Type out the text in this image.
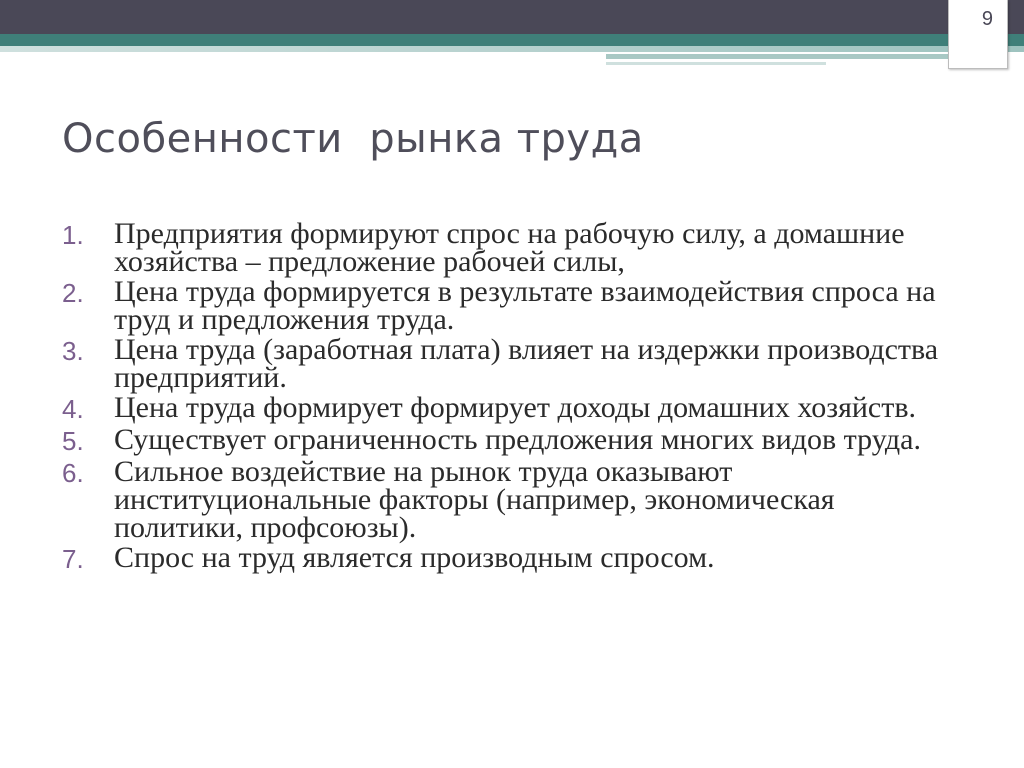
9
Особенности  рынка труда
1.	Предприятия формируют спрос на рабочую силу, а домашние хозяйства – предложение рабочей силы,
2.	Цена труда формируется в результате взаимодействия спроса на труд и предложения труда.
3.	Цена труда (заработная плата) влияет на издержки производства предприятий.
4.	Цена труда формирует формирует доходы домашних хозяйств.
5.	Существует ограниченность предложения многих видов труда.
6.	Сильное воздействие на рынок труда оказывают институциональные факторы (например, экономическая политики, профсоюзы).
7.	Спрос на труд является производным спросом.
